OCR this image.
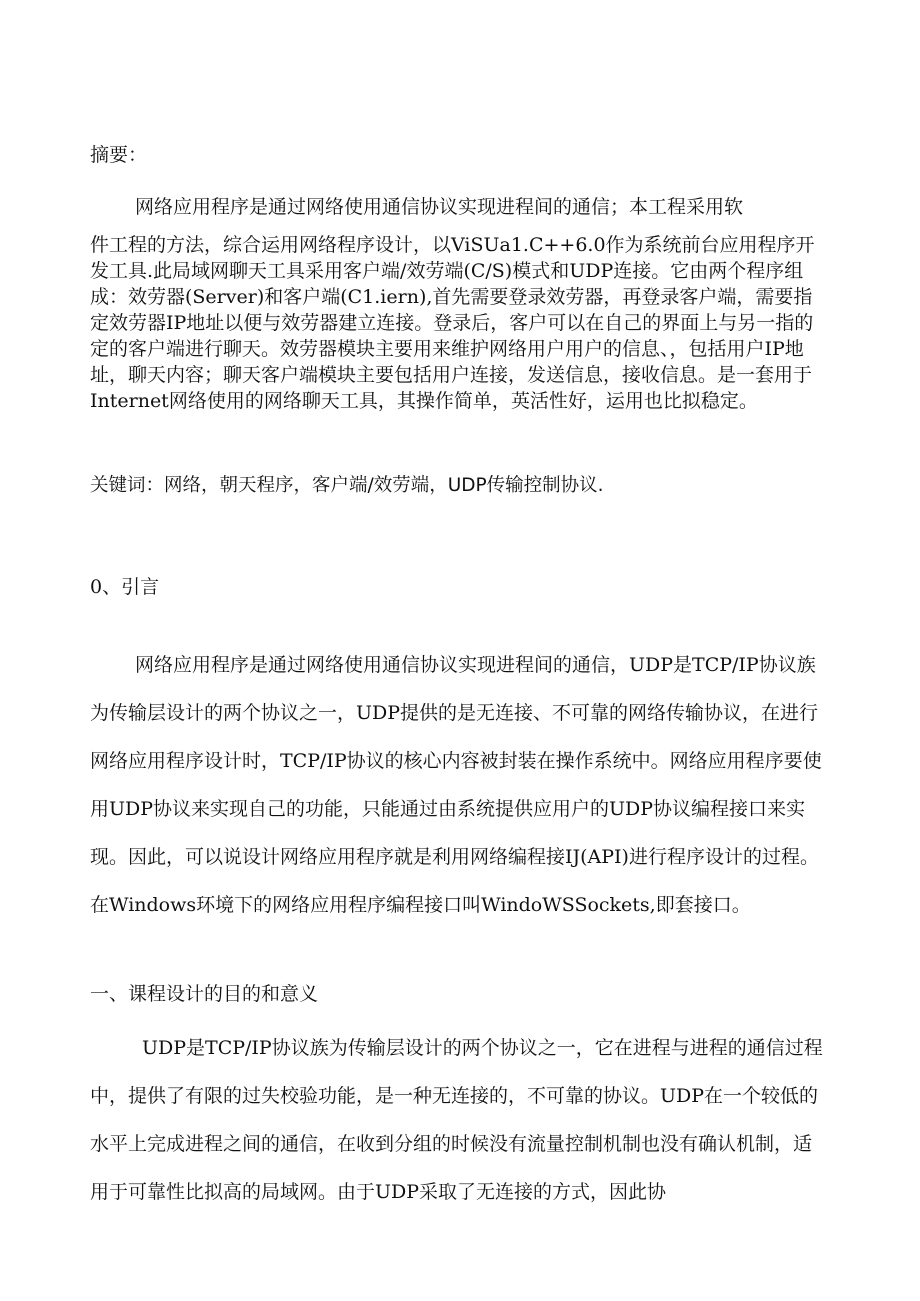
摘要：

网络应用程序是通过网络使用通信协议实现进程间的通信；本工程采用软

件工程的方法，综合运用网络程序设计，以ViSUa1.C++6.0作为系统前台应用程序开发工具.此局域网聊天工具采用客户端/效劳端(C/S)模式和UDP连接。它由两个程序组成：效劳器(Server)和客户端(C1.iern),首先需要登录效劳器，再登录客户端，需要指定效劳器IP地址以便与效劳器建立连接。登录后，客户可以在自己的界面上与另一指的定的客户端进行聊天。效劳器模块主要用来维护网络用户用户的信息、，包括用户IP地址，聊天内容；聊天客户端模块主要包括用户连接，发送信息，接收信息。是一套用于Internet网络使用的网络聊天工具，其操作简单，英活性好，运用也比拟稳定。

关键词：网络，朝天程序，客户端/效劳端，UDP传输控制协议.

0、引言

网络应用程序是通过网络使用通信协议实现进程间的通信，UDP是TCP/IP协议族为传输层设计的两个协议之一，UDP提供的是无连接、不可靠的网络传输协议，在进行网络应用程序设计时，TCP/IP协议的核心内容被封装在操作系统中。网络应用程序要使用UDP协议来实现自己的功能，只能通过由系统提供应用户的UDP协议编程接口来实现。因此，可以说设计网络应用程序就是利用网络编程接IJ(API)进行程序设计的过程。在Windows环境下的网络应用程序编程接口叫WindoWSSockets,即套接口。

一、课程设计的目的和意义

UDP是TCP/IP协议族为传输层设计的两个协议之一，它在进程与进程的通信过程中，提供了有限的过失校验功能，是一种无连接的，不可靠的协议。UDP在一个较低的水平上完成进程之间的通信，在收到分组的时候没有流量控制机制也没有确认机制，适用于可靠性比拟高的局域网。由于UDP采取了无连接的方式，因此协
